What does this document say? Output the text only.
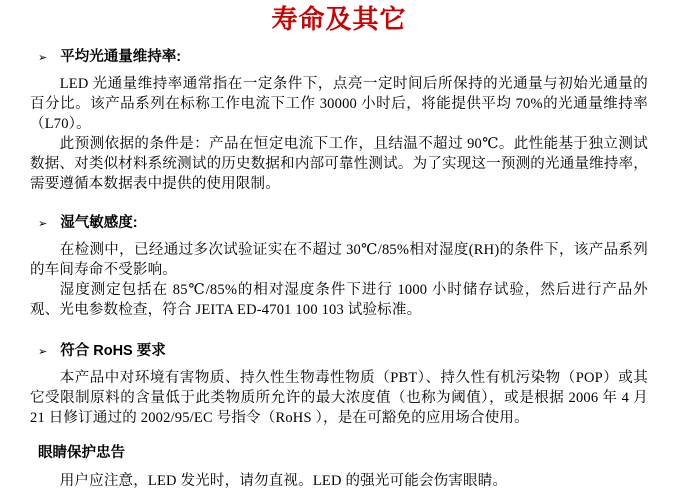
寿命及其它
➢ 平均光通量维持率:

LED 光通量维持率通常指在一定条件下，点亮一定时间后所保持的光通量与初始光通量的百分比。该产品系列在标称工作电流下工作 30000 小时后，将能提供平均 70%的光通量维持率（L70）。

此预测依据的条件是：产品在恒定电流下工作，且结温不超过 90℃。此性能基于独立测试数据、对类似材料系统测试的历史数据和内部可靠性测试。为了实现这一预测的光通量维持率，需要遵循本数据表中提供的使用限制。

➢ 湿气敏感度:

在检测中，已经通过多次试验证实在不超过 30℃/85%相对湿度(RH)的条件下，该产品系列的车间寿命不受影响。

湿度测定包括在 85℃/85%的相对湿度条件下进行 1000 小时储存试验，然后进行产品外观、光电参数检查，符合 JEITA ED-4701 100 103 试验标准。

➢ 符合 RoHS 要求

本产品中对环境有害物质、持久性生物毒性物质（PBT）、持久性有机污染物（POP）或其它受限制原料的含量低于此类物质所允许的最大浓度值（也称为阈值），或是根据 2006 年 4 月 21 日修订通过的 2002/95/EC 号指令（RoHS ），是在可豁免的应用场合使用。

眼睛保护忠告

用户应注意，LED 发光时，请勿直视。LED 的强光可能会伤害眼睛。
